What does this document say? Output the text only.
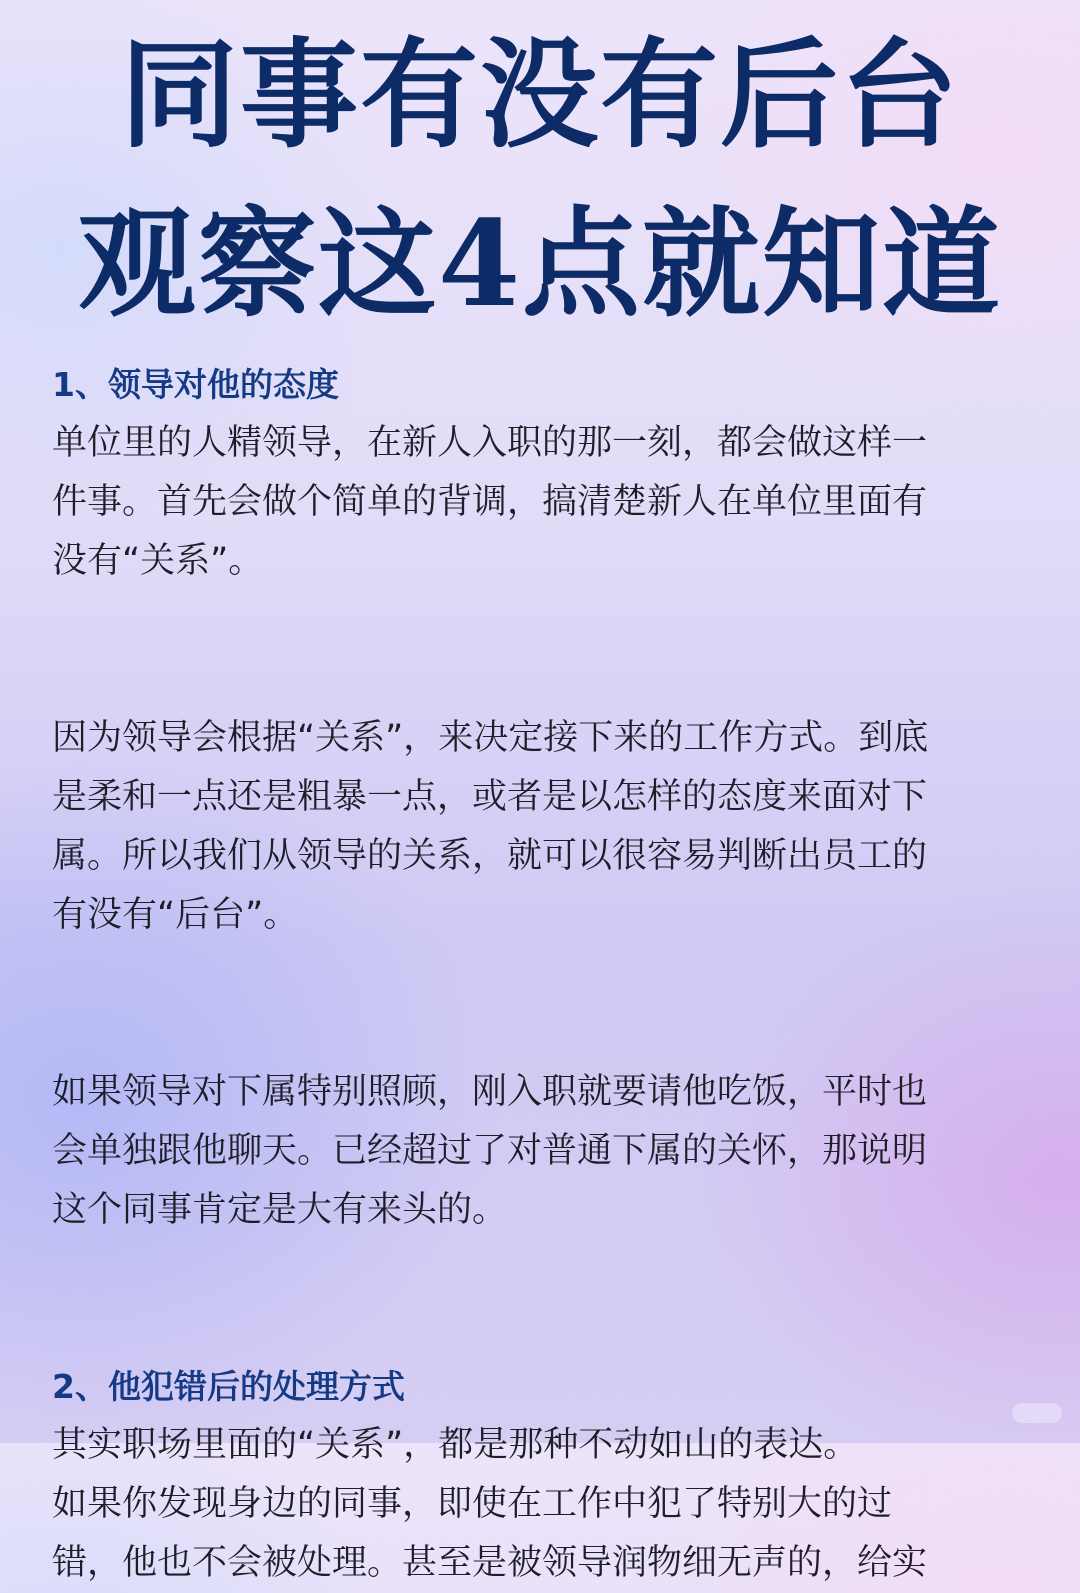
同事有没有后台
观察这4点就知道
1、领导对他的态度

单位里的人精领导，在新人入职的那一刻，都会做这样一
件事。首先会做个简单的背调，搞清楚新人在单位里面有
没有“关系”。

因为领导会根据“关系”，来决定接下来的工作方式。到底
是柔和一点还是粗暴一点，或者是以怎样的态度来面对下
属。所以我们从领导的关系，就可以很容易判断出员工的
有没有“后台”。

如果领导对下属特别照顾，刚入职就要请他吃饭，平时也
会单独跟他聊天。已经超过了对普通下属的关怀，那说明
这个同事肯定是大有来头的。

2、他犯错后的处理方式

其实职场里面的“关系”，都是那种不动如山的表达。
如果你发现身边的同事，即使在工作中犯了特别大的过
错，他也不会被处理。甚至是被领导润物细无声的，给实
